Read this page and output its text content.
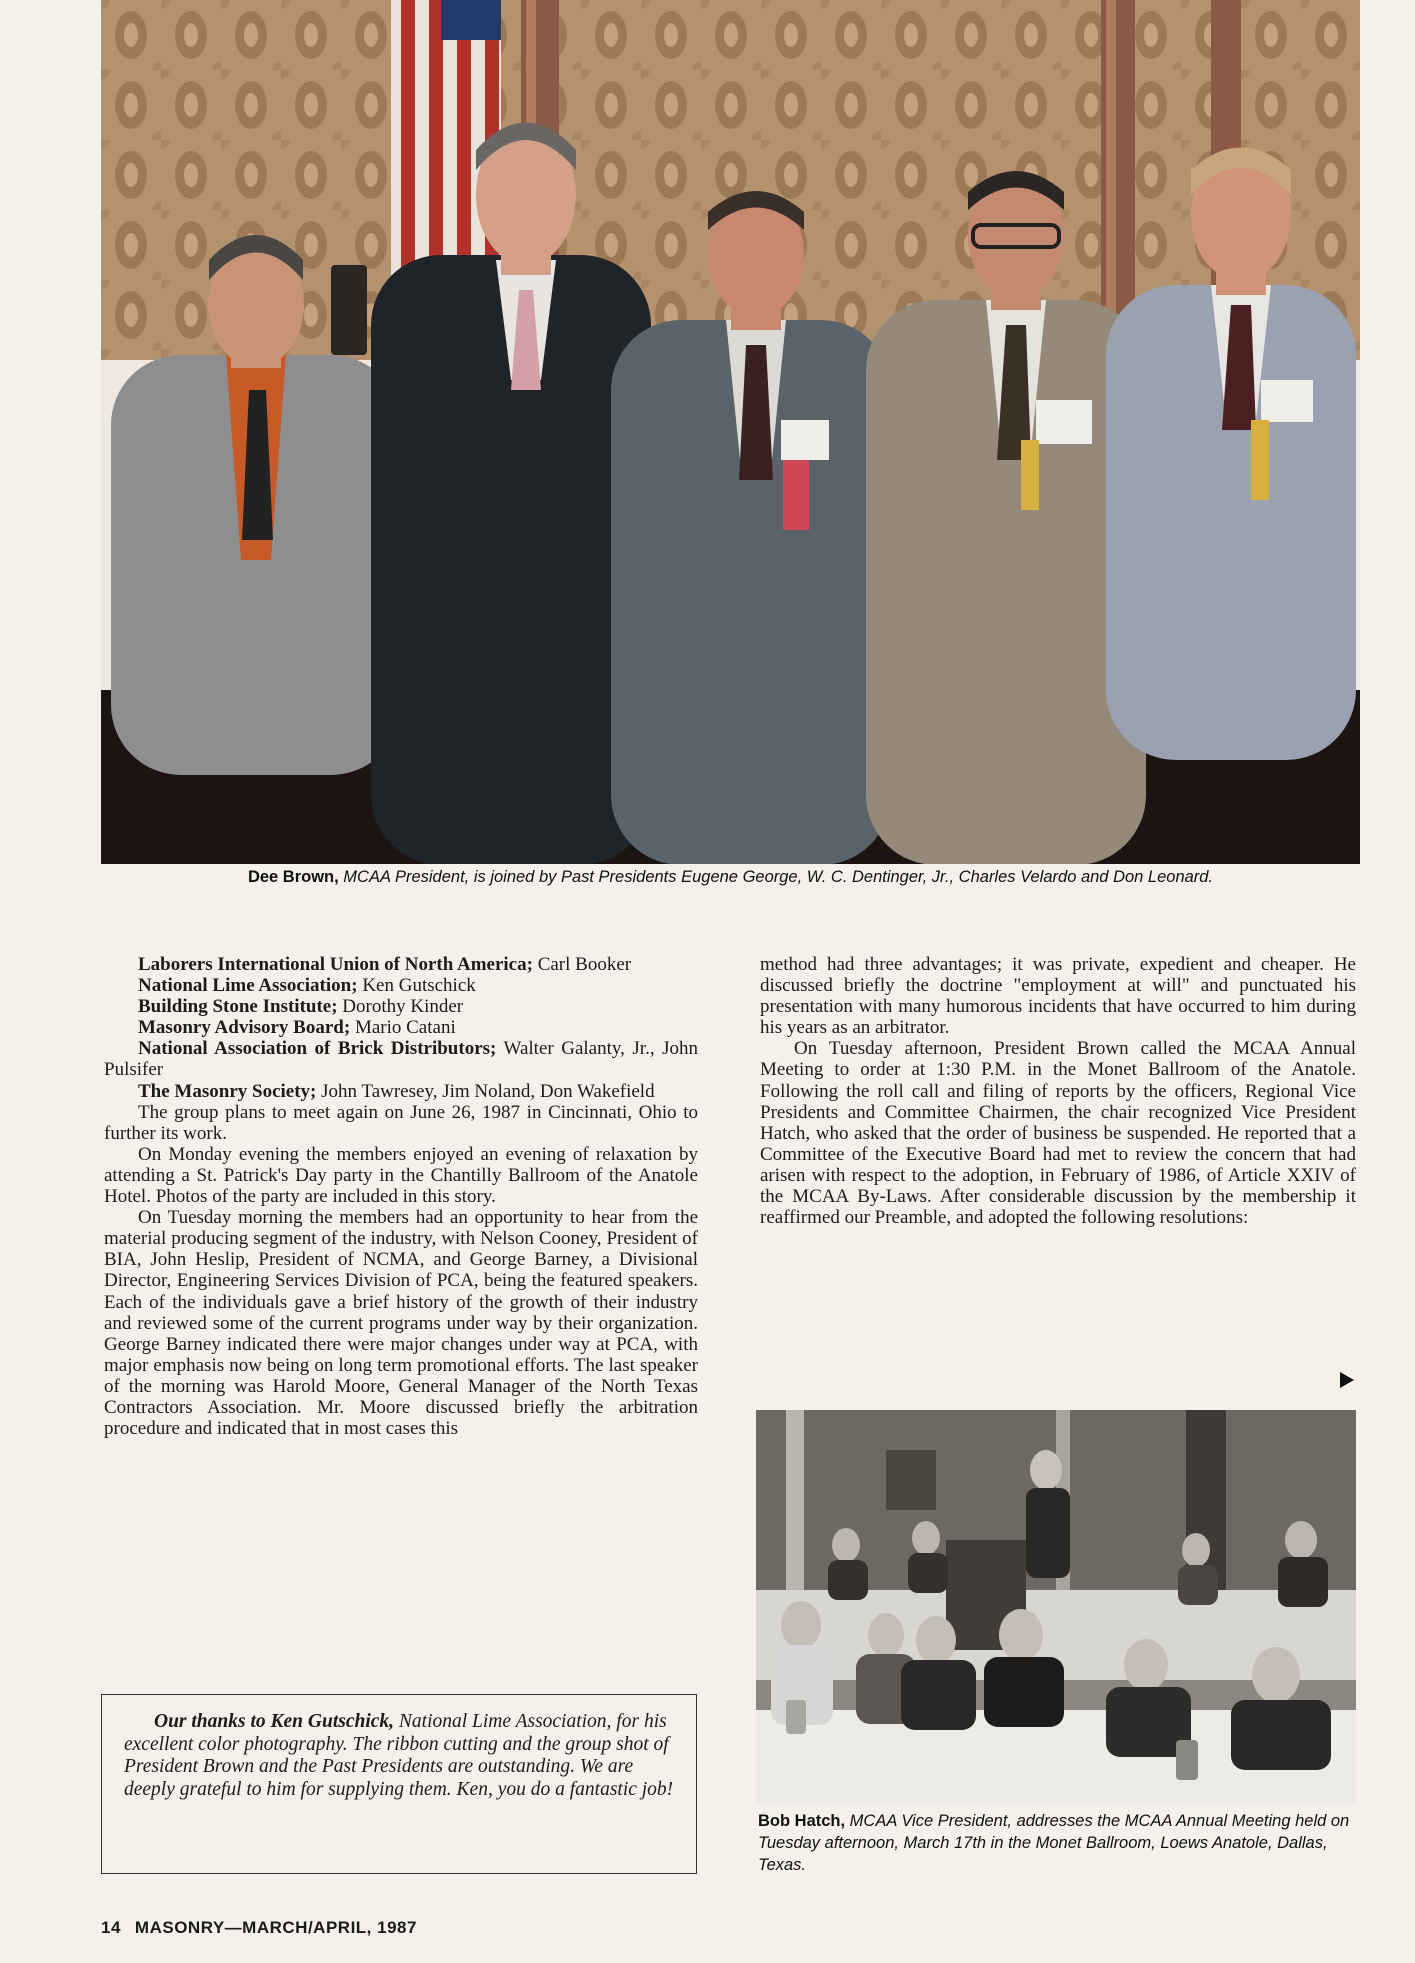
Dee Brown, MCAA President, is joined by Past Presidents Eugene George, W. C. Dentinger, Jr., Charles Velardo and Don Leonard.

Laborers International Union of North America; Carl Booker

National Lime Association; Ken Gutschick

Building Stone Institute; Dorothy Kinder

Masonry Advisory Board; Mario Catani

National Association of Brick Distributors; Walter Galanty, Jr., John Pulsifer

The Masonry Society; John Tawresey, Jim Noland, Don Wakefield

The group plans to meet again on June 26, 1987 in Cincinnati, Ohio to further its work.

On Monday evening the members enjoyed an evening of relaxation by attending a St. Patrick's Day party in the Chantilly Ballroom of the Anatole Hotel. Photos of the party are included in this story.

On Tuesday morning the members had an opportunity to hear from the material producing segment of the industry, with Nelson Cooney, President of BIA, John Heslip, President of NCMA, and George Barney, a Divisional Director, Engineering Services Division of PCA, being the featured speakers. Each of the individuals gave a brief history of the growth of their industry and reviewed some of the current programs under way by their organization. George Barney indicated there were major changes under way at PCA, with major emphasis now being on long term promotional efforts. The last speaker of the morning was Harold Moore, General Manager of the North Texas Contractors Association. Mr. Moore discussed briefly the arbitration procedure and indicated that in most cases this

method had three advantages; it was private, expedient and cheaper. He discussed briefly the doctrine "employment at will" and punctuated his presentation with many humorous incidents that have occurred to him during his years as an arbitrator.

On Tuesday afternoon, President Brown called the MCAA Annual Meeting to order at 1:30 P.M. in the Monet Ballroom of the Anatole. Following the roll call and filing of reports by the officers, Regional Vice Presidents and Committee Chairmen, the chair recognized Vice President Hatch, who asked that the order of business be suspended. He reported that a Committee of the Executive Board had met to review the concern that had arisen with respect to the adoption, in February of 1986, of Article XXIV of the MCAA By-Laws. After considerable discussion by the membership it reaffirmed our Preamble, and adopted the following resolutions:

Our thanks to Ken Gutschick, National Lime Association, for his excellent color photography. The ribbon cutting and the group shot of President Brown and the Past Presidents are outstanding. We are deeply grateful to him for supplying them. Ken, you do a fantastic job!

Bob Hatch, MCAA Vice President, addresses the MCAA Annual Meeting held on Tuesday afternoon, March 17th in the Monet Ballroom, Loews Anatole, Dallas, Texas.
14 MASONRY—MARCH/APRIL, 1987
